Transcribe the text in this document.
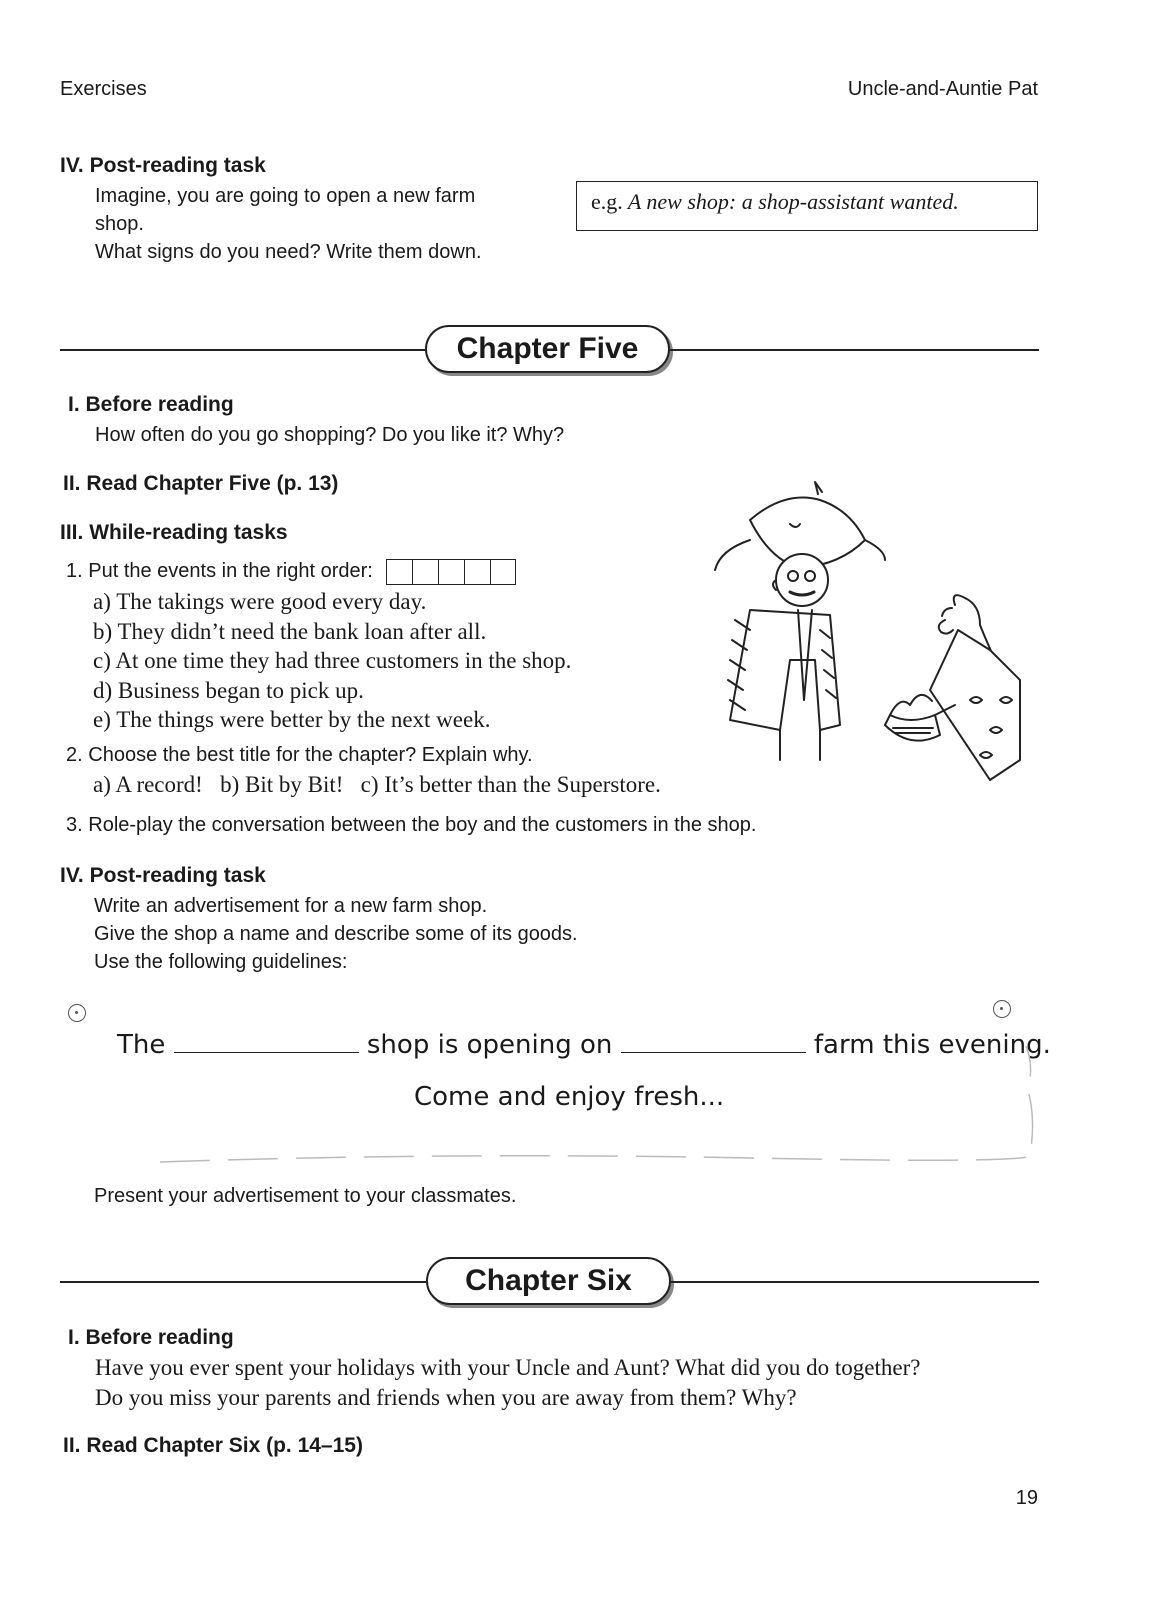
Exercises	Uncle-and-Auntie Pat
IV. Post-reading task
Imagine, you are going to open a new farm
shop.
What signs do you need? Write them down.
e.g. A new shop: a shop-assistant wanted.
Chapter Five
I. Before reading
How often do you go shopping? Do you like it? Why?
II. Read Chapter Five (p. 13)
III. While-reading tasks
1. Put the events in the right order:
a) The takings were good every day.
b) They didn’t need the bank loan after all.
c) At one time they had three customers in the shop.
d) Business began to pick up.
e) The things were better by the next week.
2. Choose the best title for the chapter? Explain why.
a) A record!   b) Bit by Bit!   c) It’s better than the Superstore.
3. Role-play the conversation between the boy and the customers in the shop.
IV. Post-reading task
Write an advertisement for a new farm shop.
Give the shop a name and describe some of its goods.
Use the following guidelines:
The	shop is opening on	farm this evening.
Come and enjoy fresh...
Present your advertisement to your classmates.
Chapter Six
I. Before reading
Have you ever spent your holidays with your Uncle and Aunt? What did you do together?
Do you miss your parents and friends when you are away from them? Why?
II. Read Chapter Six (p. 14–15)
19
